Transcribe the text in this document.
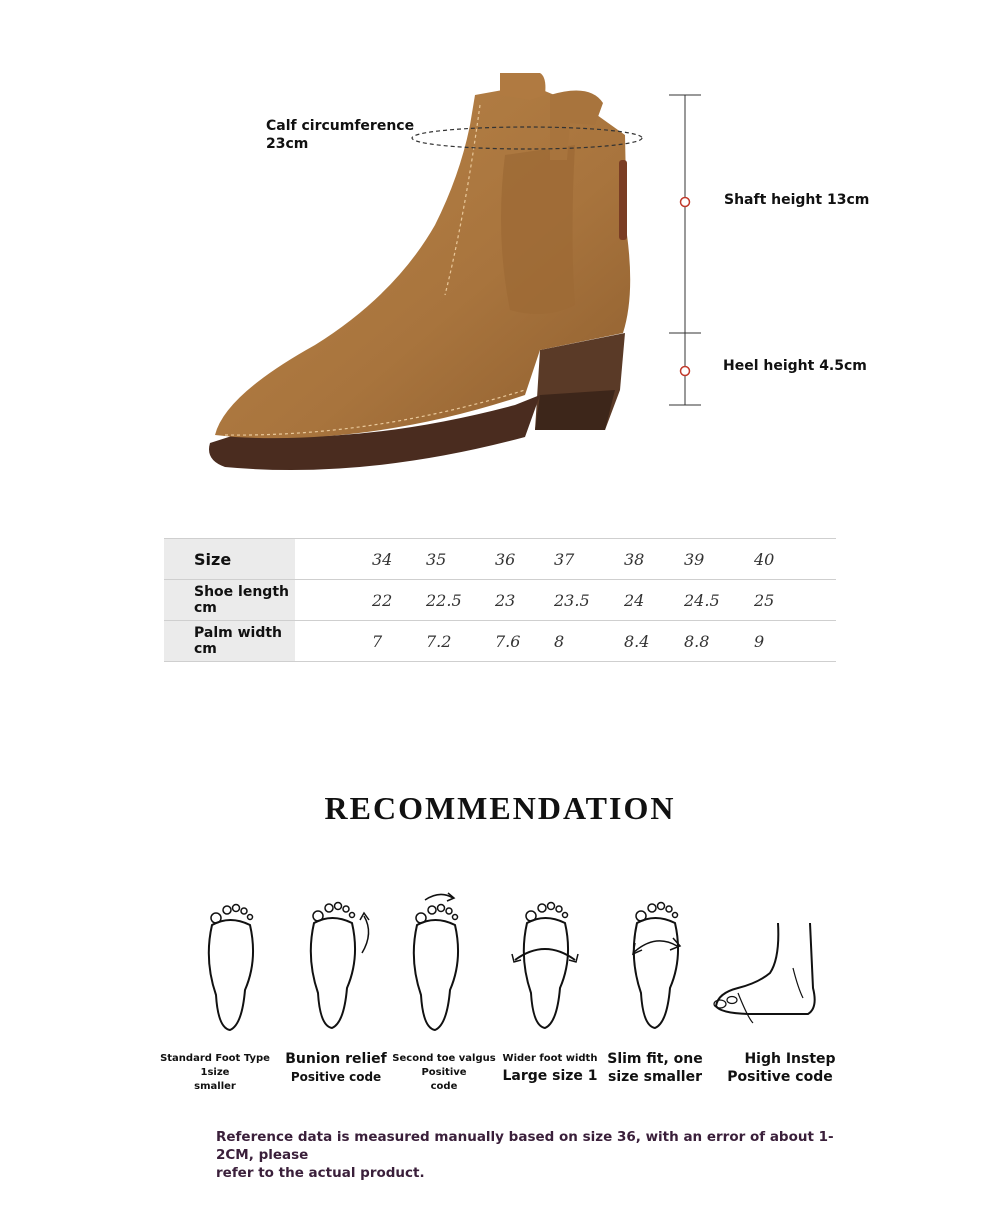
Calf circumference
23cm
Shaft height 13cm
Heel height 4.5cm
Size	34 35	36 37	38 39	40
Shoe length cm	22 22.5 23 23.5 24 24.5 25
Palm width cm	7	7.2	7.6 8	8.4 8.8	9
RECOMMENDATION
Standard Foot Type
1size
smaller
Bunion relief
Positive code
Second toe valgus
Positive
code
Wider foot width
Large size 1
Slim fit, one
size smaller
High Instep
Positive code
Reference data is measured manually based on size 36, with an error of about 1-2CM, please
refer to the actual product.
